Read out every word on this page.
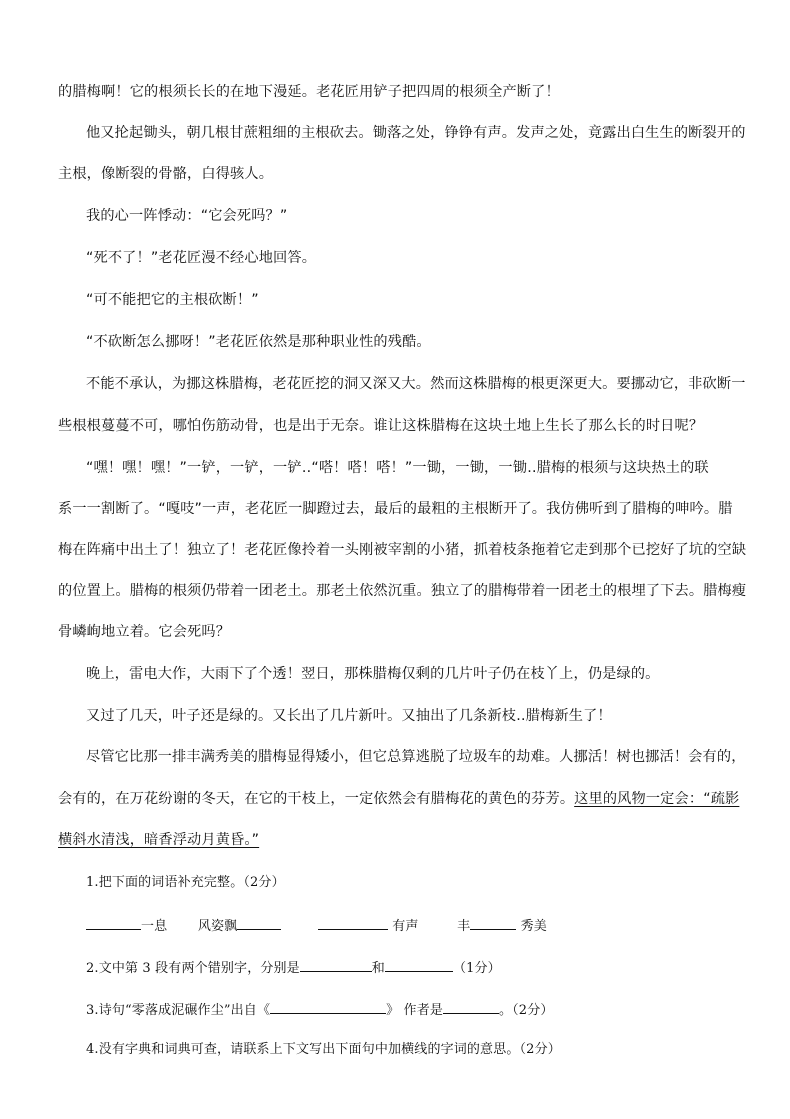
的腊梅啊！它的根须长长的在地下漫延。老花匠用铲子把四周的根须全产断了！
他又抡起锄头，朝几根甘蔗粗细的主根砍去。锄落之处，铮铮有声。发声之处，竟露出白生生的断裂开的
主根，像断裂的骨骼，白得骇人。
我的心一阵悸动：“它会死吗？”
“死不了！”老花匠漫不经心地回答。
“可不能把它的主根砍断！”
“不砍断怎么挪呀！”老花匠依然是那种职业性的残酷。
不能不承认，为挪这株腊梅，老花匠挖的洞又深又大。然而这株腊梅的根更深更大。要挪动它，非砍断一
些根根蔓蔓不可，哪怕伤筋动骨，也是出于无奈。谁让这株腊梅在这块土地上生长了那么长的时日呢？
“嘿！嘿！嘿！”一铲，一铲，一铲‥“嗒！嗒！嗒！”一锄，一锄，一锄‥腊梅的根须与这块热土的联
系一一割断了。“嘎吱”一声，老花匠一脚蹬过去，最后的最粗的主根断开了。我仿佛听到了腊梅的呻吟。腊
梅在阵痛中出土了！独立了！老花匠像拎着一头刚被宰割的小猪，抓着枝条拖着它走到那个已挖好了坑的空缺
的位置上。腊梅的根须仍带着一团老土。那老土依然沉重。独立了的腊梅带着一团老土的根埋了下去。腊梅瘦
骨嶙峋地立着。它会死吗？
晚上，雷电大作，大雨下了个透！翌日，那株腊梅仅剩的几片叶子仍在枝丫上，仍是绿的。
又过了几天，叶子还是绿的。又长出了几片新叶。又抽出了几条新枝‥腊梅新生了！
尽管它比那一排丰满秀美的腊梅显得矮小，但它总算逃脱了垃圾车的劫难。人挪活！树也挪活！会有的，
会有的，在万花纷谢的冬天，在它的干枝上，一定依然会有腊梅花的黄色的芬芳。这里的风物一定会：“疏影
横斜水清浅，暗香浮动月黄昏。”
1.把下面的词语补充完整。（2分）
一息 风姿飘	有声	丰	秀美
2.文中第 3 段有两个错别字，分别是	和	（1分）
3.诗句“零落成泥碾作尘”出自《	》 作者是	。（2分）
4.没有字典和词典可查，请联系上下文写出下面句中加横线的字词的意思。（2分）
